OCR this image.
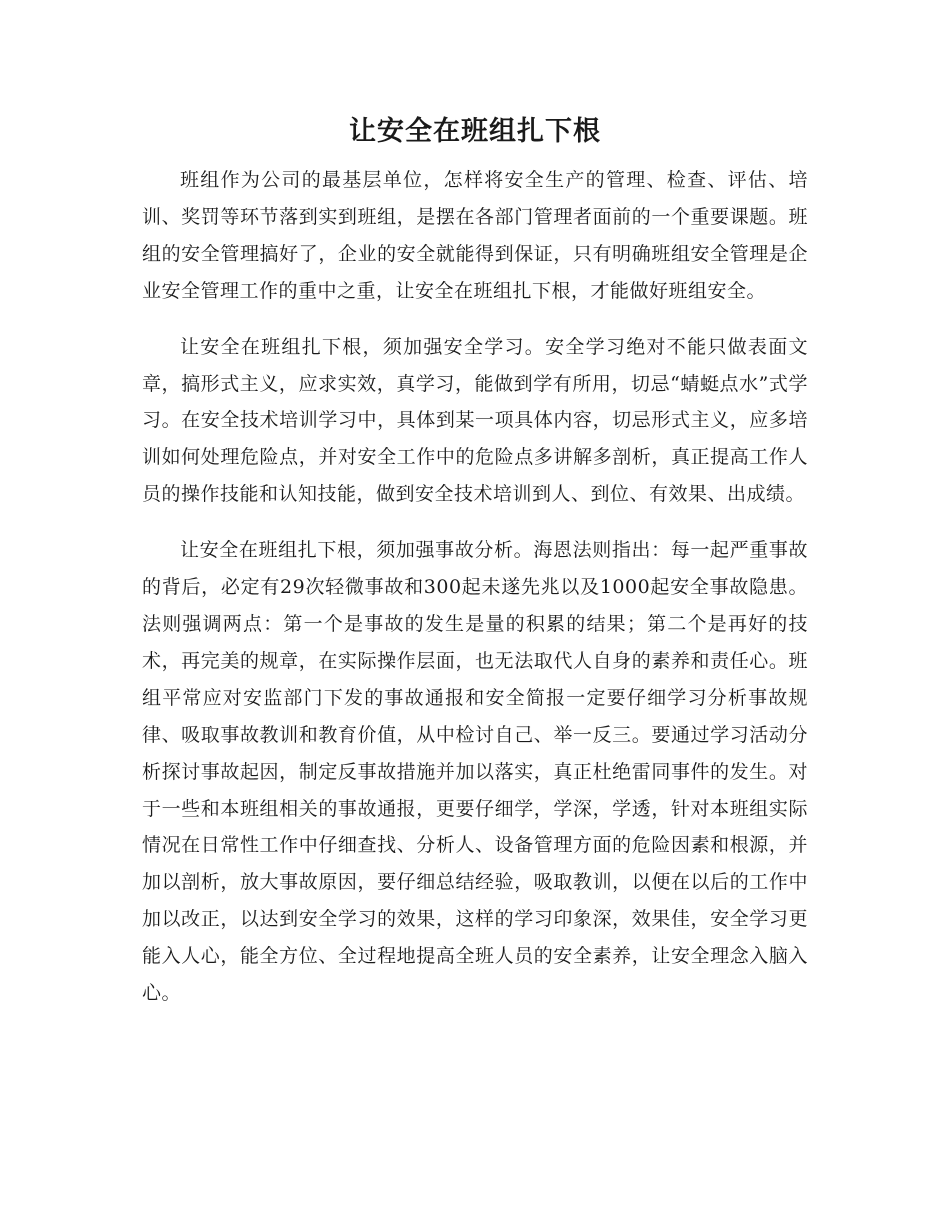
让安全在班组扎下根

班组作为公司的最基层单位，怎样将安全生产的管理、检查、评估、培训、奖罚等环节落到实到班组，是摆在各部门管理者面前的一个重要课题。班组的安全管理搞好了，企业的安全就能得到保证，只有明确班组安全管理是企业安全管理工作的重中之重，让安全在班组扎下根，才能做好班组安全。

让安全在班组扎下根，须加强安全学习。安全学习绝对不能只做表面文章，搞形式主义，应求实效，真学习，能做到学有所用，切忌“蜻蜓点水”式学习。在安全技术培训学习中，具体到某一项具体内容，切忌形式主义，应多培训如何处理危险点，并对安全工作中的危险点多讲解多剖析，真正提高工作人员的操作技能和认知技能，做到安全技术培训到人、到位、有效果、出成绩。

让安全在班组扎下根，须加强事故分析。海恩法则指出：每一起严重事故的背后，必定有29次轻微事故和300起未遂先兆以及1000起安全事故隐患。法则强调两点：第一个是事故的发生是量的积累的结果；第二个是再好的技术，再完美的规章，在实际操作层面，也无法取代人自身的素养和责任心。班组平常应对安监部门下发的事故通报和安全简报一定要仔细学习分析事故规律、吸取事故教训和教育价值，从中检讨自己、举一反三。要通过学习活动分析探讨事故起因，制定反事故措施并加以落实，真正杜绝雷同事件的发生。对于一些和本班组相关的事故通报，更要仔细学，学深，学透，针对本班组实际情况在日常性工作中仔细查找、分析人、设备管理方面的危险因素和根源，并加以剖析，放大事故原因，要仔细总结经验，吸取教训，以便在以后的工作中加以改正，以达到安全学习的效果，这样的学习印象深，效果佳，安全学习更能入人心，能全方位、全过程地提高全班人员的安全素养，让安全理念入脑入心。
